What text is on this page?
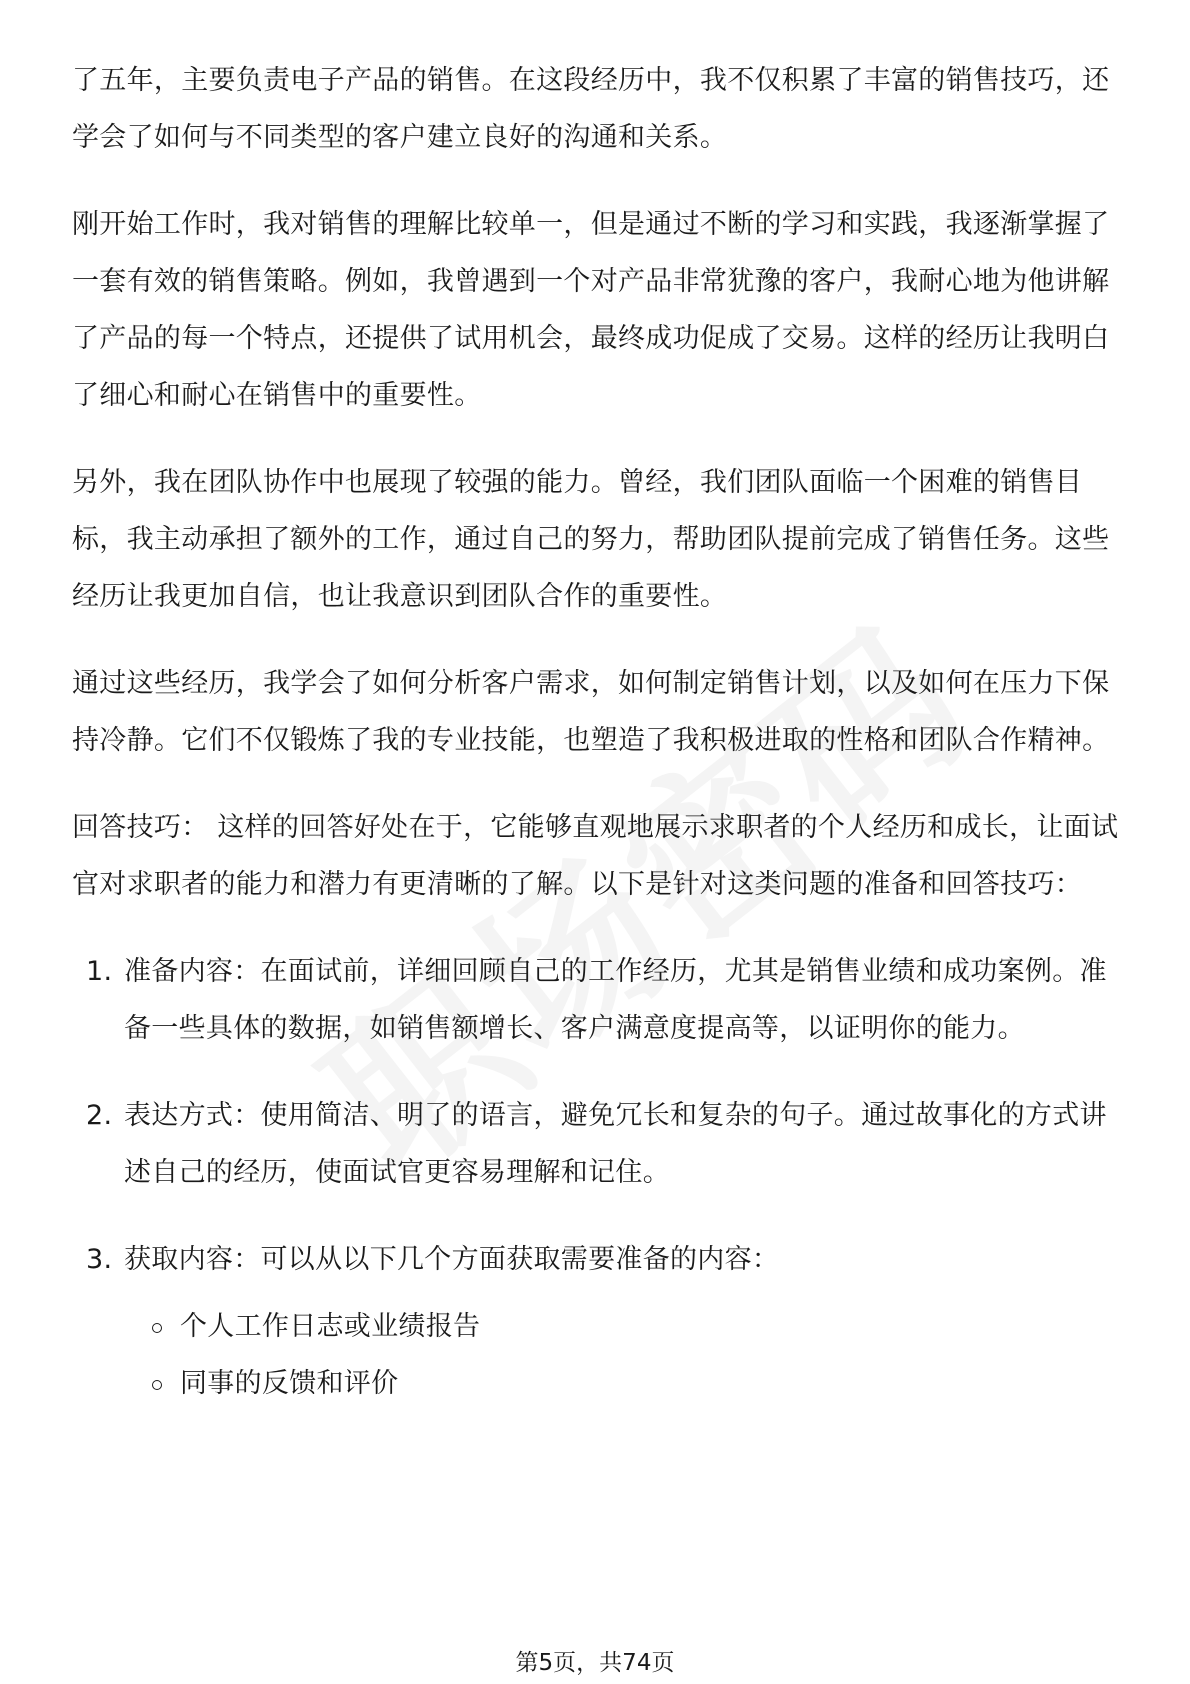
了五年，主要负责电子产品的销售。在这段经历中，我不仅积累了丰富的销售技巧，还学会了如何与不同类型的客户建立良好的沟通和关系。

刚开始工作时，我对销售的理解比较单一，但是通过不断的学习和实践，我逐渐掌握了一套有效的销售策略。例如，我曾遇到一个对产品非常犹豫的客户，我耐心地为他讲解了产品的每一个特点，还提供了试用机会，最终成功促成了交易。这样的经历让我明白了细心和耐心在销售中的重要性。

另外，我在团队协作中也展现了较强的能力。曾经，我们团队面临一个困难的销售目标，我主动承担了额外的工作，通过自己的努力，帮助团队提前完成了销售任务。这些经历让我更加自信，也让我意识到团队合作的重要性。

通过这些经历，我学会了如何分析客户需求，如何制定销售计划，以及如何在压力下保持冷静。它们不仅锻炼了我的专业技能，也塑造了我积极进取的性格和团队合作精神。

回答技巧： 这样的回答好处在于，它能够直观地展示求职者的个人经历和成长，让面试官对求职者的能力和潜力有更清晰的了解。以下是针对这类问题的准备和回答技巧：

1. 准备内容：在面试前，详细回顾自己的工作经历，尤其是销售业绩和成功案例。准备一些具体的数据，如销售额增长、客户满意度提高等，以证明你的能力。
2. 表达方式：使用简洁、明了的语言，避免冗长和复杂的句子。通过故事化的方式讲述自己的经历，使面试官更容易理解和记住。
3. 获取内容：可以从以下几个方面获取需要准备的内容：
个人工作日志或业绩报告
同事的反馈和评价
第5页，共74页
